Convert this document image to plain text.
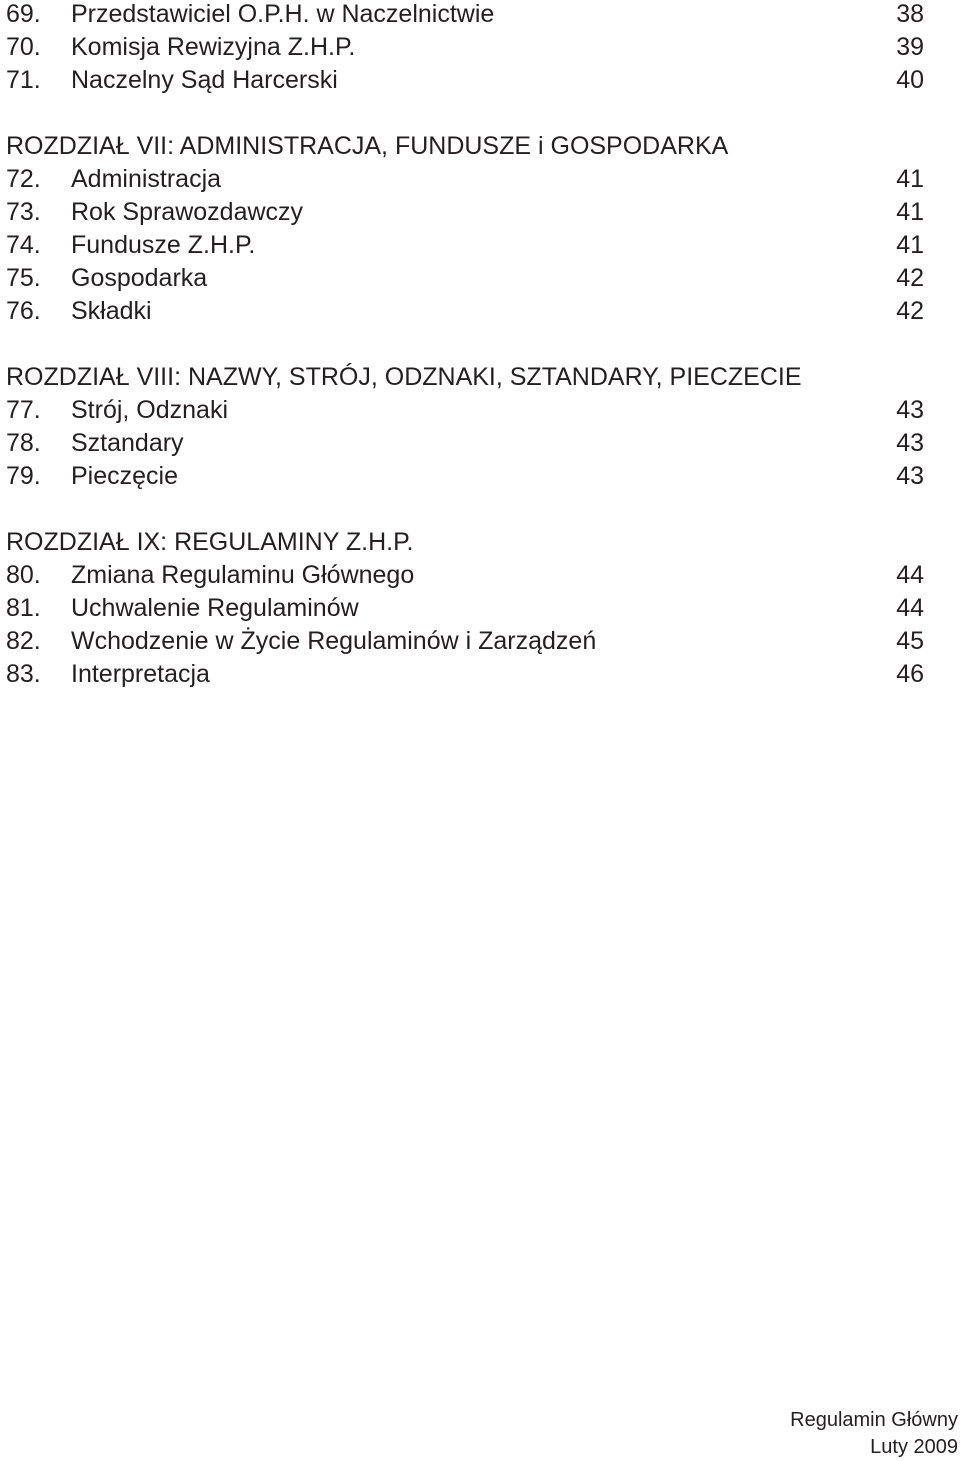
69. Przedstawiciel O.P.H. w Naczelnictwie	38
70. Komisja Rewizyjna Z.H.P.	39
71. Naczelny Sąd Harcerski	40
ROZDZIAŁ VII: ADMINISTRACJA, FUNDUSZE i GOSPODARKA
72. Administracja	41
73. Rok Sprawozdawczy	41
74. Fundusze Z.H.P.	41
75. Gospodarka	42
76. Składki	42
ROZDZIAŁ VIII: NAZWY, STRÓJ, ODZNAKI, SZTANDARY, PIECZECIE
77. Strój, Odznaki	43
78. Sztandary	43
79. Pieczęcie	43
ROZDZIAŁ IX: REGULAMINY Z.H.P.
80. Zmiana Regulaminu Głównego	44
81. Uchwalenie Regulaminów	44
82. Wchodzenie w Życie Regulaminów i Zarządzeń	45
83. Interpretacja	46
Regulamin Główny
Luty 2009
